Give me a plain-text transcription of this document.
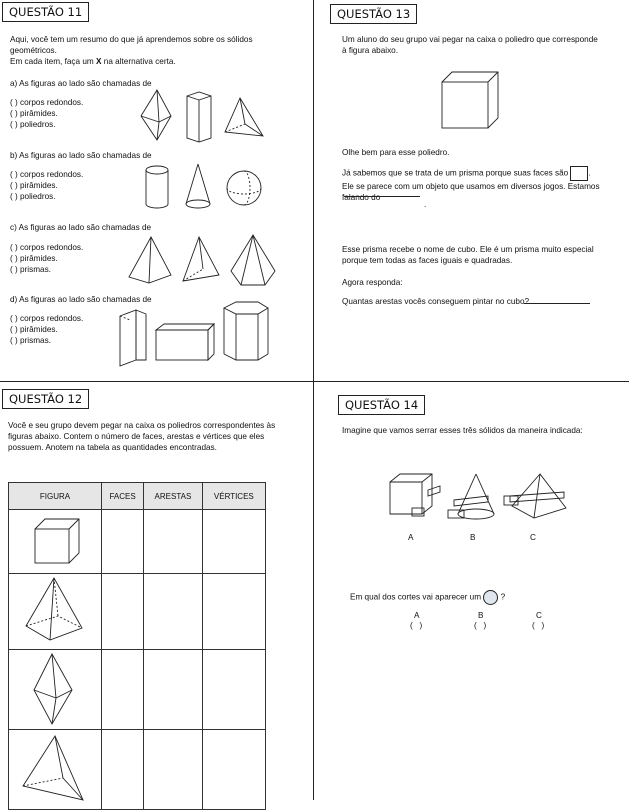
QUESTÃO 11
Aqui, você tem um resumo do que já aprendemos sobre os sólidos geométricos.
Em cada item, faça um X na alternativa certa.
a) As figuras ao lado são chamadas de
( ) corpos redondos.
( ) pirâmides.
( ) poliedros.
b) As figuras ao lado são chamadas de
( ) corpos redondos.
( ) pirâmides.
( ) poliedros.
c) As figuras ao lado são chamadas de
( ) corpos redondos.
( ) pirâmides.
( ) prismas.
d) As figuras ao lado são chamadas de
( ) corpos redondos.
( ) pirâmides.
( ) prismas.
QUESTÃO 12
Você e seu grupo devem pegar na caixa os poliedros correspondentes às figuras abaixo. Contem o número de faces, arestas e vértices que eles possuem. Anotem na tabela as quantidades encontradas.
FIGURA	FACES	ARESTAS	VÉRTICES

QUESTÃO 13
Um aluno do seu grupo vai pegar na caixa o poliedro que corresponde à figura abaixo.
Olhe bem para esse poliedro.
Já sabemos que se trata de um prisma porque suas faces são . Ele se parece com um objeto que usamos em diversos jogos. Estamos falando do
.
Esse prisma recebe o nome de cubo. Ele é um prisma muito especial porque tem todas as faces iguais e quadradas.
Agora responda:
Quantas arestas vocês conseguem pintar no cubo?
QUESTÃO 14
Imagine que vamos serrar esses três sólidos da maneira indicada:
A	B	C
Em qual dos cortes vai aparecer um ?
A
(   )
B
(   )
C
(   )
